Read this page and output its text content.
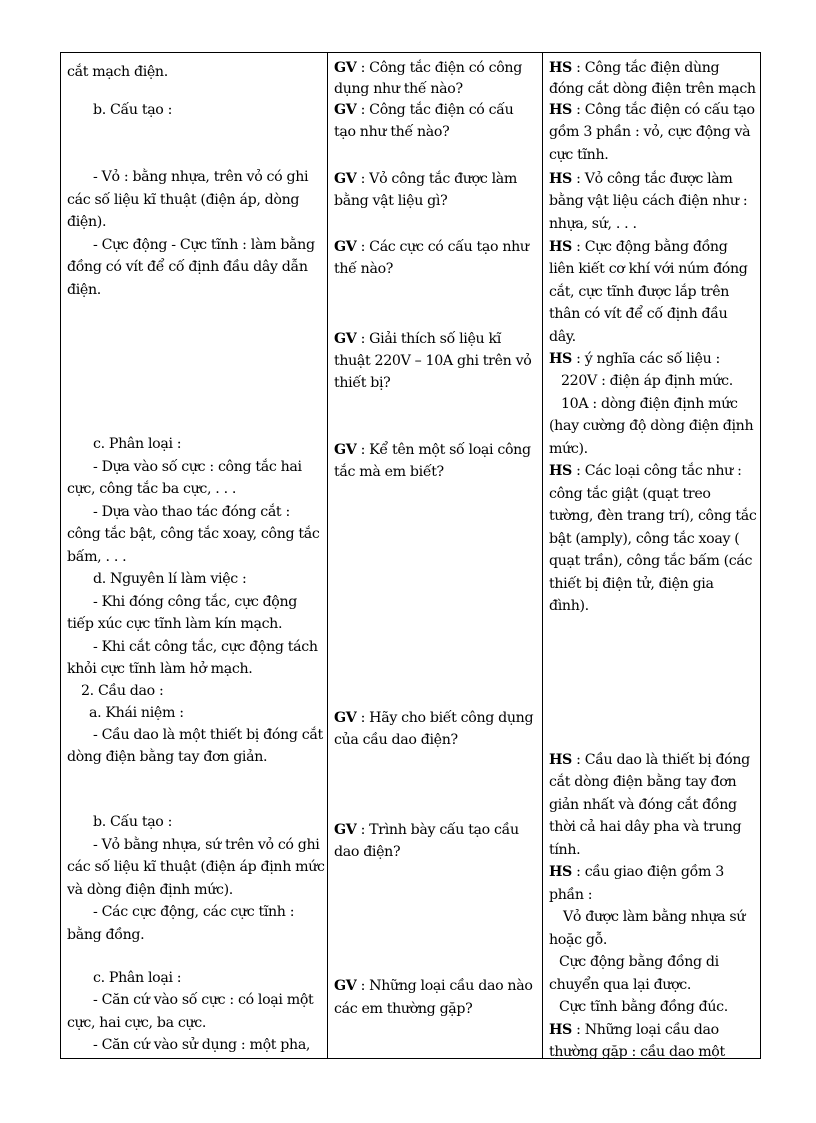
cắt mạch điện.
b. Cấu tạo :
- Vỏ : bằng nhựa, trên vỏ có ghi
các số liệu kĩ thuật (điện áp, dòng
điện).
- Cực động - Cực tĩnh : làm bằng
đồng có vít để cố định đầu dây dẫn
điện.
c. Phân loại :
- Dựa vào số cực : công tắc hai
cực, công tắc ba cực, . . .
- Dựa vào thao tác đóng cắt :
công tắc bật, công tắc xoay, công tắc
bấm, . . .
d. Nguyên lí làm việc :
- Khi đóng công tắc, cực động
tiếp xúc cực tĩnh làm kín mạch.
- Khi cắt công tắc, cực động tách
khỏi cực tĩnh làm hở mạch.
2. Cầu dao :
a. Khái niệm :
- Cầu dao là một thiết bị đóng cắt
dòng điện bằng tay đơn giản.
b. Cấu tạo :
- Vỏ bằng nhựa, sứ trên vỏ có ghi
các số liệu kĩ thuật (điện áp định mức
và dòng điện định mức).
- Các cực động, các cực tĩnh :
bằng đồng.
c. Phân loại :
- Căn cứ vào số cực : có loại một
cực, hai cực, ba cực.
- Căn cứ vào sử dụng : một pha,
GV : Công tắc điện có công
dụng như thế nào?
GV : Công tắc điện có cấu
tạo như thế nào?
GV : Vỏ công tắc được làm
bằng vật liệu gì?
GV : Các cực có cấu tạo như
thế nào?
GV : Giải thích số liệu kĩ
thuật 220V – 10A ghi trên vỏ
thiết bị?
GV : Kể tên một số loại công
tắc mà em biết?
GV : Hãy cho biết công dụng
của cầu dao điện?
GV : Trình bày cấu tạo cầu
dao điện?
GV : Những loại cầu dao nào
các em thường gặp?
HS : Công tắc điện dùng
đóng cắt dòng điện trên mạch
HS : Công tắc điện có cấu tạo
gồm 3 phần : vỏ, cực động và
cực tĩnh.
HS : Vỏ công tắc được làm
bằng vật liệu cách điện như :
nhựa, sứ, . . .
HS : Cực động bằng đồng
liên kiết cơ khí với núm đóng
cắt, cực tĩnh được lắp trên
thân có vít để cố định đầu
dây.
HS : ý nghĩa các số liệu :
220V : điện áp định mức.
10A : dòng điện định mức
(hay cường độ dòng điện định
mức).
HS : Các loại công tắc như :
công tắc giật (quạt treo
tường, đèn trang trí), công tắc
bật (amply), công tắc xoay (
quạt trần), công tắc bấm (các
thiết bị điện tử, điện gia
đình).
HS : Cầu dao là thiết bị đóng
cắt dòng điện bằng tay đơn
giản nhất và đóng cắt đồng
thời cả hai dây pha và trung
tính.
HS : cầu giao điện gồm 3
phần :
Vỏ được làm bằng nhựa sứ
hoặc gỗ.
Cực động bằng đồng di
chuyển qua lại được.
Cực tĩnh bằng đồng đúc.
HS : Những loại cầu dao
thường gặp : cầu dao một
